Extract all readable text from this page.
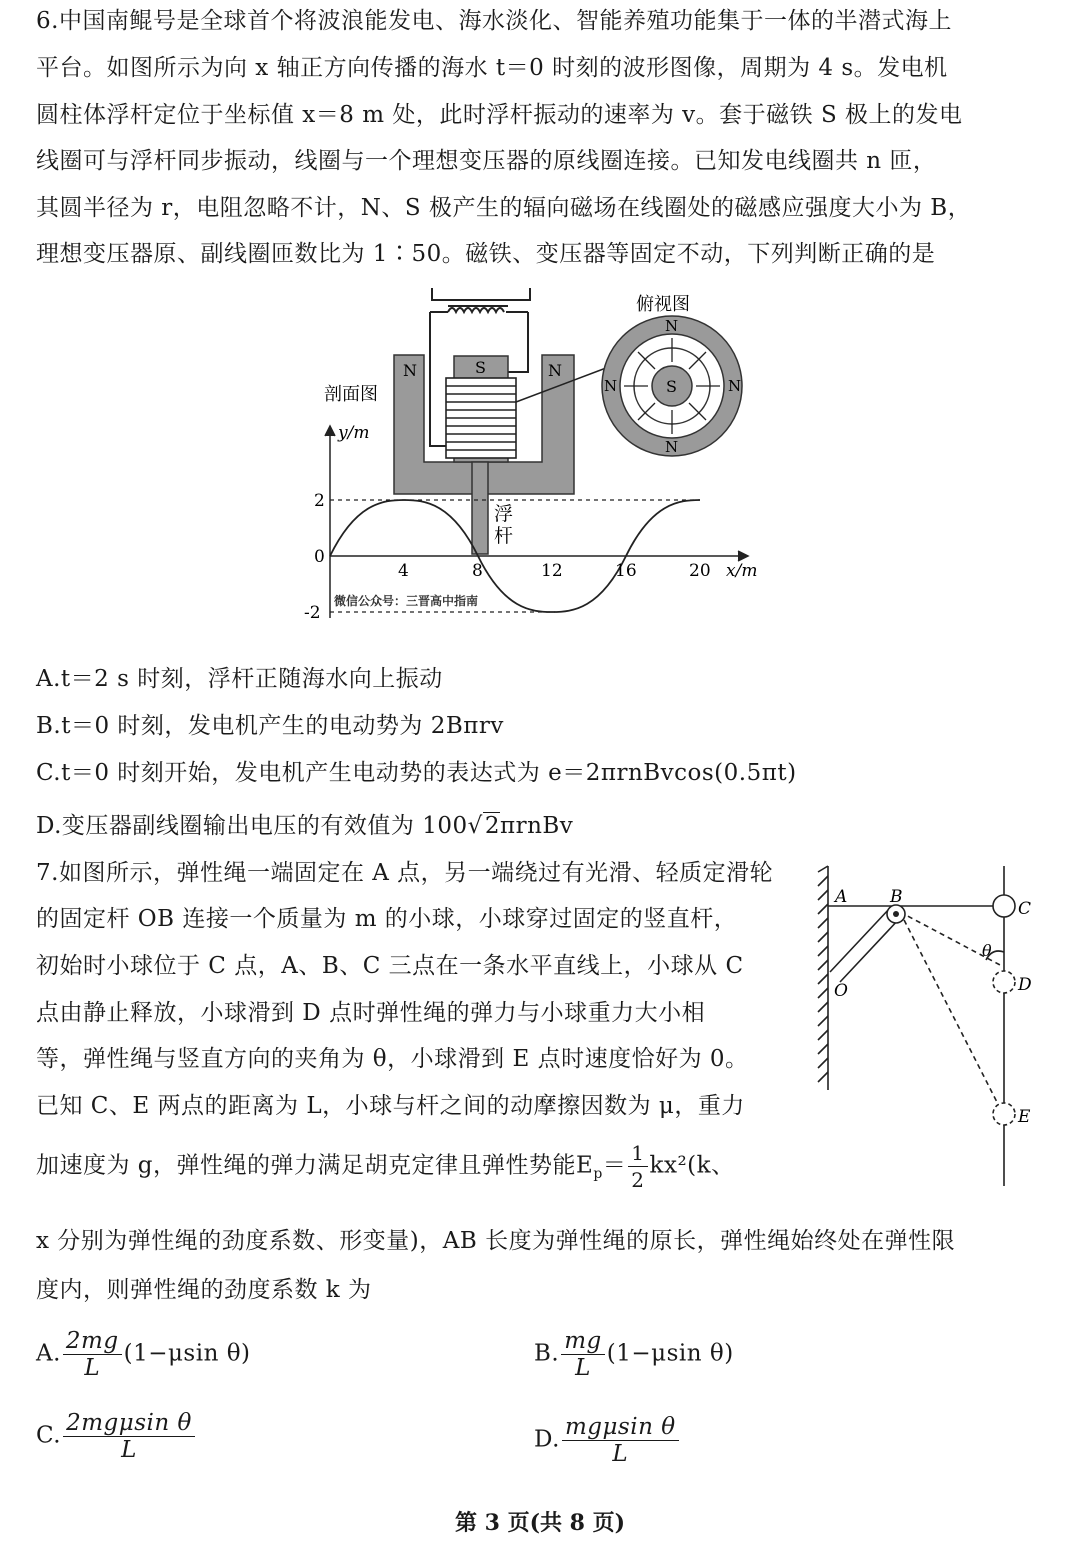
6.中国南鲲号是全球首个将波浪能发电、海水淡化、智能养殖功能集于一体的半潜式海上
平台。如图所示为向 x 轴正方向传播的海水 t＝0 时刻的波形图像，周期为 4 s。发电机
圆柱体浮杆定位于坐标值 x＝8 m 处，此时浮杆振动的速率为 v。套于磁铁 S 极上的发电
线圈可与浮杆同步振动，线圈与一个理想变压器的原线圈连接。已知发电线圈共 n 匝，
其圆半径为 r，电阻忽略不计，N、S 极产生的辐向磁场在线圈处的磁感应强度大小为 B，
理想变压器原、副线圈匝数比为 1∶50。磁铁、变压器等固定不动，下列判断正确的是
N	S	N
S
N
N
N	N
俯视图
剖面图
y/m
x/m
2
0
-2
4	8	12	16	20
浮
杆
微信公众号：三晋高中指南
A.t＝2 s 时刻，浮杆正随海水向上振动
B.t＝0 时刻，发电机产生的电动势为 2Bπrv
C.t＝0 时刻开始，发电机产生电动势的表达式为 e＝2πrnBvcos(0.5πt)
D.变压器副线圈输出电压的有效值为 100√2πrnBv
7.如图所示，弹性绳一端固定在 A 点，另一端绕过有光滑、轻质定滑轮
的固定杆 OB 连接一个质量为 m 的小球，小球穿过固定的竖直杆，
初始时小球位于 C 点，A、B、C 三点在一条水平直线上，小球从 C
点由静止释放，小球滑到 D 点时弹性绳的弹力与小球重力大小相
等，弹性绳与竖直方向的夹角为 θ，小球滑到 E 点时速度恰好为 0。
已知 C、E 两点的距离为 L，小球与杆之间的动摩擦因数为 μ，重力
加速度为 g，弹性绳的弹力满足胡克定律且弹性势能$E_p= \frac{1}{2} kx^2(k$、
x 分别为弹性绳的劲度系数、形变量)，AB 长度为弹性绳的原长，弹性绳始终处在弹性限
度内，则弹性绳的劲度系数 k 为
A	B
C
D
E
O
θ
A. $\frac{2mg}{L} (1-\mu\sin$ θ)	B. $\frac{mg}{L} (1-\mu\sin$ θ)
C. $\frac{\text{2mgμsin θ}}{L}$	D. $\frac{\text{mgμsin θ}}{L}$
第 3 页(共 8 页)
